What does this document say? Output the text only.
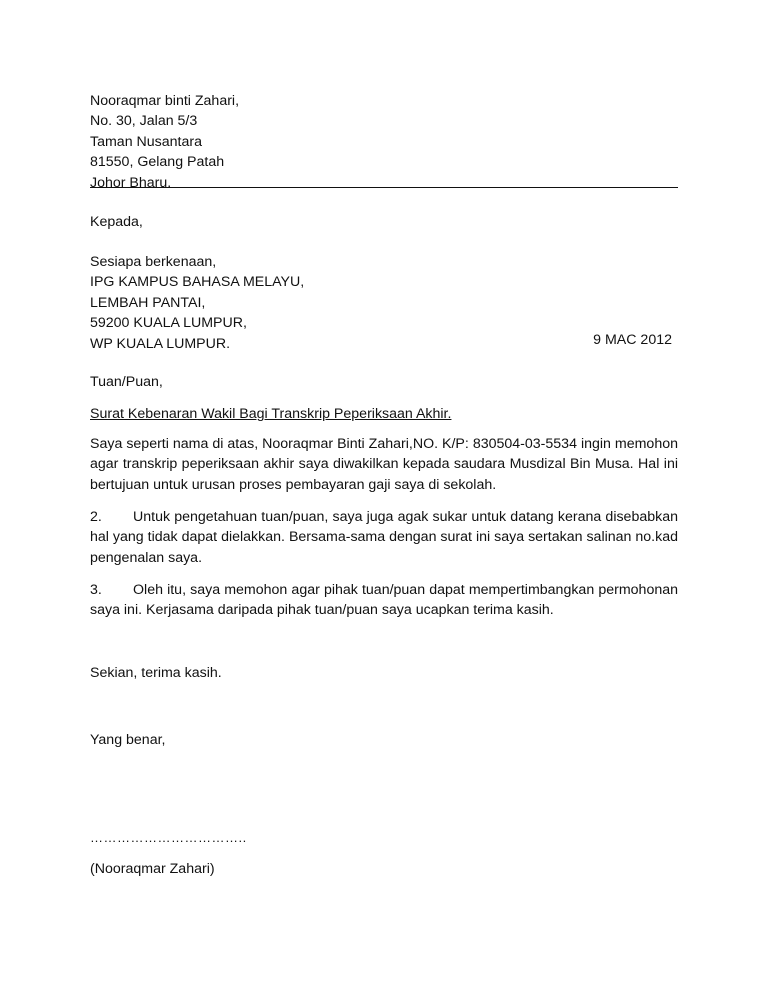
Nooraqmar binti Zahari,
No. 30, Jalan 5/3
Taman Nusantara
81550, Gelang Patah
Johor Bharu.
Kepada,
Sesiapa berkenaan,
IPG KAMPUS BAHASA MELAYU,
LEMBAH PANTAI,
59200 KUALA LUMPUR,
WP KUALA LUMPUR.	9 MAC 2012
Tuan/Puan,
Surat Kebenaran Wakil Bagi Transkrip Peperiksaan Akhir.
Saya seperti nama di atas, Nooraqmar Binti Zahari,NO. K/P: 830504-03-5534 ingin memohon agar transkrip peperiksaan akhir saya diwakilkan kepada saudara Musdizal Bin Musa. Hal ini bertujuan untuk urusan proses pembayaran gaji saya di sekolah.
2. Untuk pengetahuan tuan/puan, saya juga agak sukar untuk datang kerana disebabkan hal yang tidak dapat dielakkan. Bersama-sama dengan surat ini saya sertakan salinan no.kad pengenalan saya.
3. Oleh itu, saya memohon agar pihak tuan/puan dapat mempertimbangkan permohonan saya ini. Kerjasama daripada pihak tuan/puan saya ucapkan terima kasih.
Sekian, terima kasih.
Yang benar,
……………………………..
(Nooraqmar Zahari)
